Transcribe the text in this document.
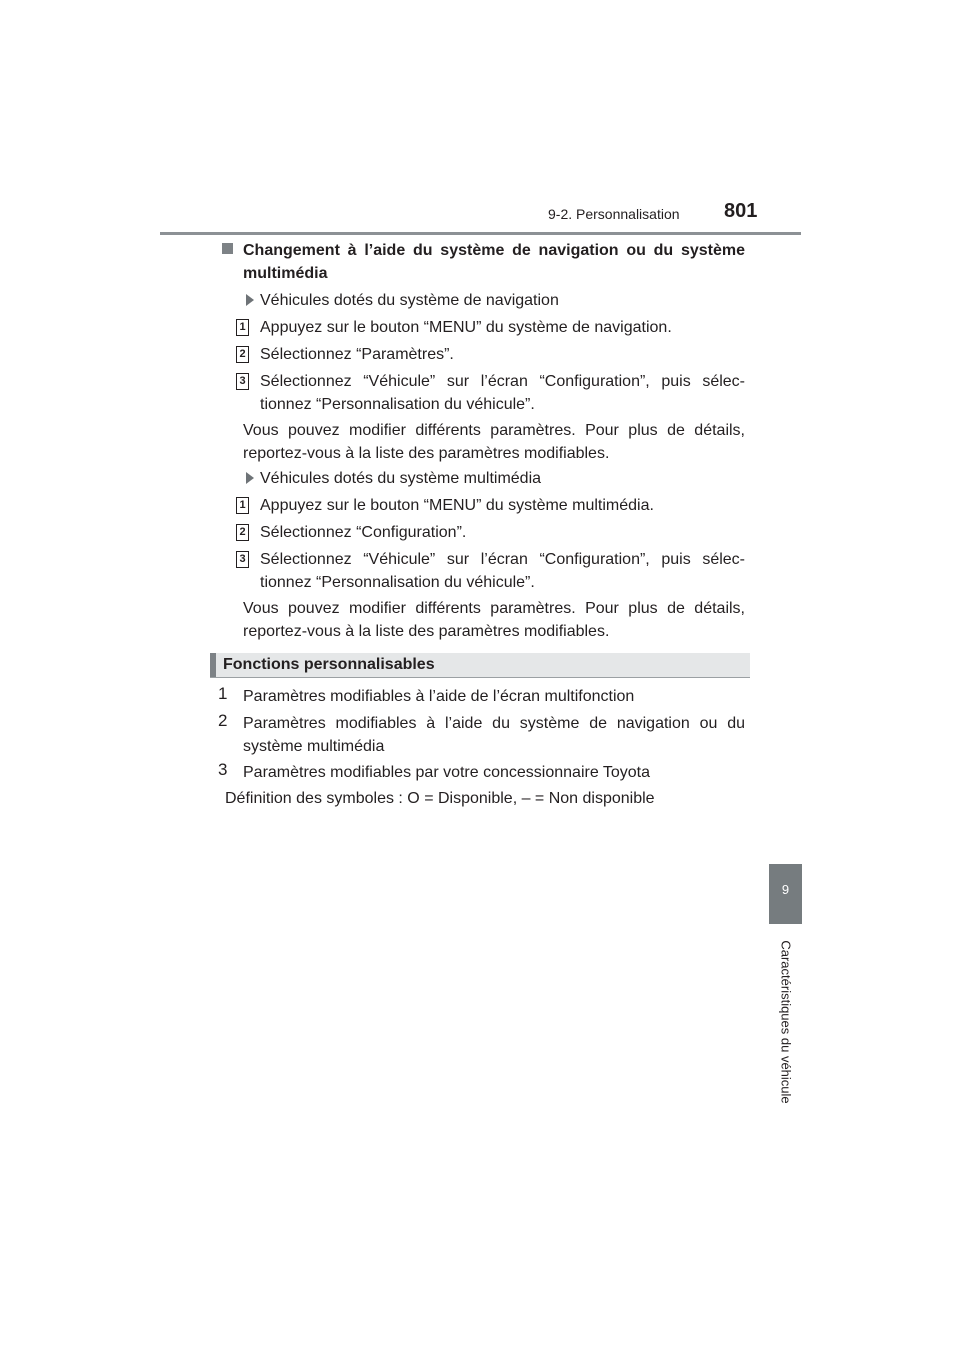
9-2. Personnalisation 801
Changement à l’aide du système de navigation ou du système
multimédia
Véhicules dotés du système de navigation
1 Appuyez sur le bouton “MENU” du système de navigation.
2 Sélectionnez “Paramètres”.
3 Sélectionnez “Véhicule” sur l’écran “Configuration”, puis sélec-
tionnez “Personnalisation du véhicule”.
Vous pouvez modifier différents paramètres. Pour plus de détails,
reportez-vous à la liste des paramètres modifiables.
Véhicules dotés du système multimédia
1 Appuyez sur le bouton “MENU” du système multimédia.
2 Sélectionnez “Configuration”.
3 Sélectionnez “Véhicule” sur l’écran “Configuration”, puis sélec-
tionnez “Personnalisation du véhicule”.
Vous pouvez modifier différents paramètres. Pour plus de détails,
reportez-vous à la liste des paramètres modifiables.
Fonctions personnalisables
1 Paramètres modifiables à l’aide de l’écran multifonction
2 Paramètres modifiables à l’aide du système de navigation ou du
système multimédia
3 Paramètres modifiables par votre concessionnaire Toyota
Définition des symboles : O = Disponible, – = Non disponible
9
Caractéristiques du véhicule
